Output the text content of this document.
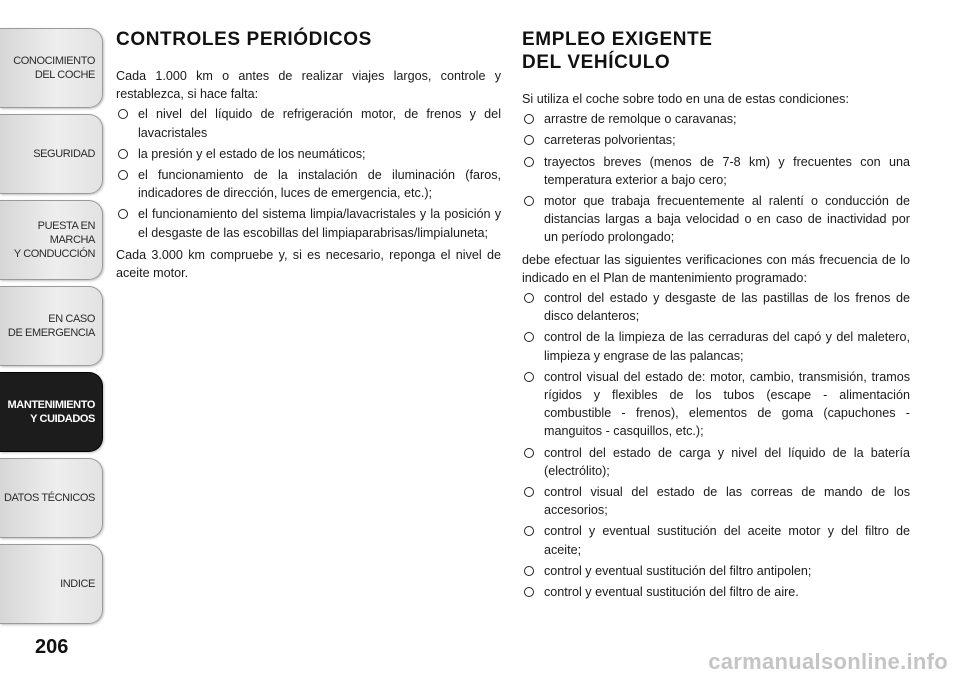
CONOCIMIENTO
DEL COCHE
SEGURIDAD
PUESTA EN MARCHA
Y CONDUCCIÓN
EN CASO
DE EMERGENCIA
MANTENIMIENTO
Y CUIDADOS
DATOS TÉCNICOS
INDICE
206
CONTROLES PERIÓDICOS

Cada 1.000 km o antes de realizar viajes largos, controle y restablezca, si hace falta:

el nivel del líquido de refrigeración motor, de frenos y del lavacristales
la presión y el estado de los neumáticos;
el funcionamiento de la instalación de iluminación (faros, indicadores de dirección, luces de emergencia, etc.);
el funcionamiento del sistema limpia/lavacristales y la posición y el desgaste de las escobillas del limpiaparabrisas/limpialuneta;

Cada 3.000 km compruebe y, si es necesario, reponga el nivel de aceite motor.

EMPLEO EXIGENTE
DEL VEHÍCULO

Si utiliza el coche sobre todo en una de estas condiciones:

arrastre de remolque o caravanas;
carreteras polvorientas;
trayectos breves (menos de 7-8 km) y frecuentes con una temperatura exterior a bajo cero;
motor que trabaja frecuentemente al ralentí o conducción de distancias largas a baja velocidad o en caso de inactividad por un período prolongado;

debe efectuar las siguientes verificaciones con más frecuencia de lo indicado en el Plan de mantenimiento programado:

control del estado y desgaste de las pastillas de los frenos de disco delanteros;
control de la limpieza de las cerraduras del capó y del maletero, limpieza y engrase de las palancas;
control visual del estado de: motor, cambio, transmisión, tramos rígidos y flexibles de los tubos (escape - alimentación combustible - frenos), elementos de goma (capuchones - manguitos - casquillos, etc.);
control del estado de carga y nivel del líquido de la batería (electrólito);
control visual del estado de las correas de mando de los accesorios;
control y eventual sustitución del aceite motor y del filtro de aceite;
control y eventual sustitución del filtro antipolen;
control y eventual sustitución del filtro de aire.
carmanualsonline.info
